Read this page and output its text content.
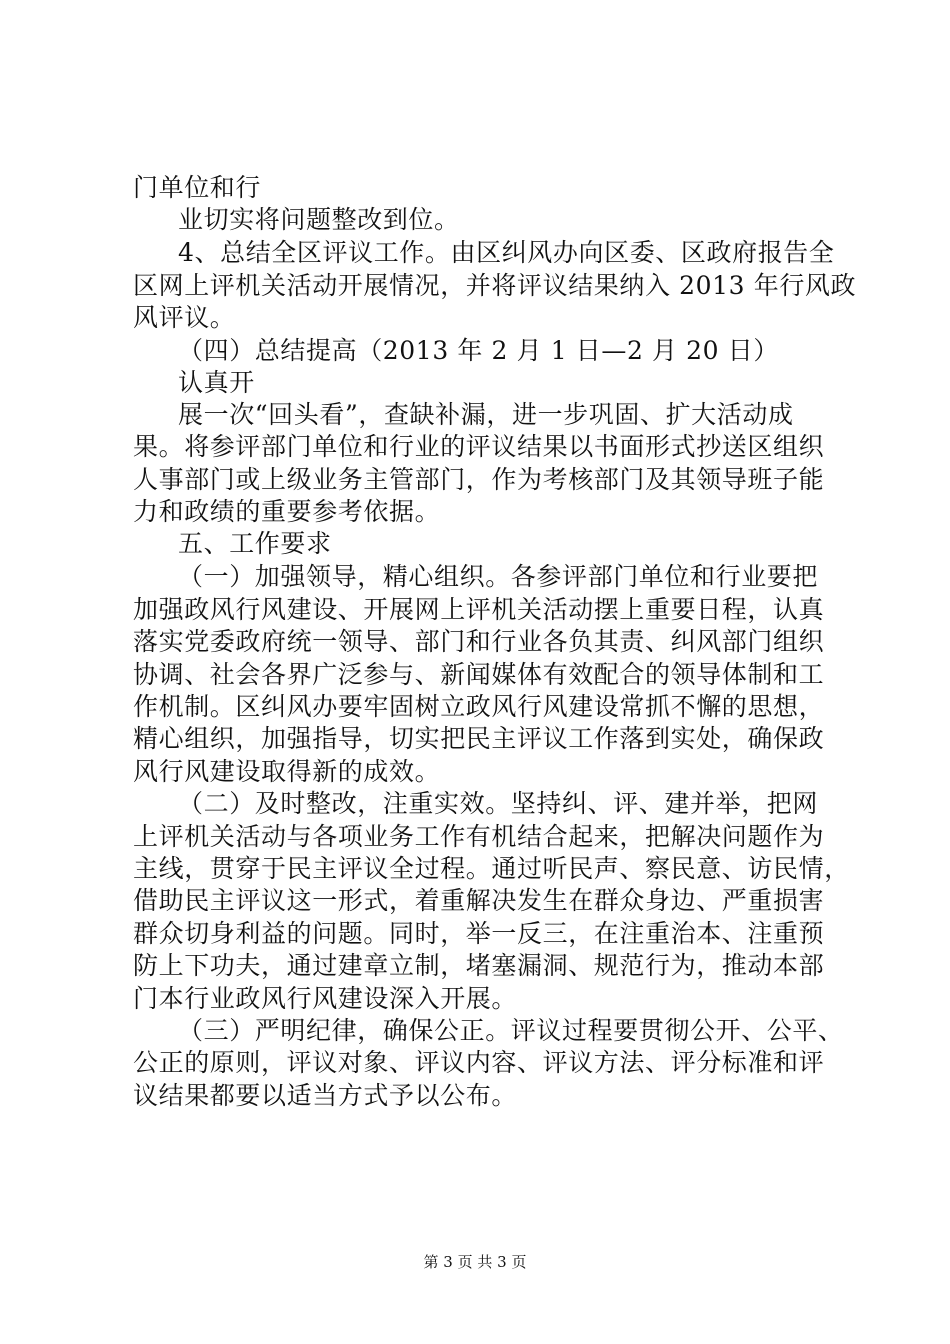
门单位和行
业切实将问题整改到位。
4、总结全区评议工作。由区纠风办向区委、区政府报告全
区网上评机关活动开展情况，并将评议结果纳入 2013 年行风政
风评议。
（四）总结提高（2013 年 2 月 1 日—2 月 20 日）
认真开
展一次“回头看”，查缺补漏，进一步巩固、扩大活动成
果。将参评部门单位和行业的评议结果以书面形式抄送区组织
人事部门或上级业务主管部门，作为考核部门及其领导班子能
力和政绩的重要参考依据。
五、工作要求
（一）加强领导，精心组织。各参评部门单位和行业要把
加强政风行风建设、开展网上评机关活动摆上重要日程，认真
落实党委政府统一领导、部门和行业各负其责、纠风部门组织
协调、社会各界广泛参与、新闻媒体有效配合的领导体制和工
作机制。区纠风办要牢固树立政风行风建设常抓不懈的思想，
精心组织，加强指导，切实把民主评议工作落到实处，确保政
风行风建设取得新的成效。
（二）及时整改，注重实效。坚持纠、评、建并举，把网
上评机关活动与各项业务工作有机结合起来，把解决问题作为
主线，贯穿于民主评议全过程。通过听民声、察民意、访民情，
借助民主评议这一形式，着重解决发生在群众身边、严重损害
群众切身利益的问题。同时，举一反三，在注重治本、注重预
防上下功夫，通过建章立制，堵塞漏洞、规范行为，推动本部
门本行业政风行风建设深入开展。
（三）严明纪律，确保公正。评议过程要贯彻公开、公平、
公正的原则，评议对象、评议内容、评议方法、评分标准和评
议结果都要以适当方式予以公布。
第 3 页 共 3 页
